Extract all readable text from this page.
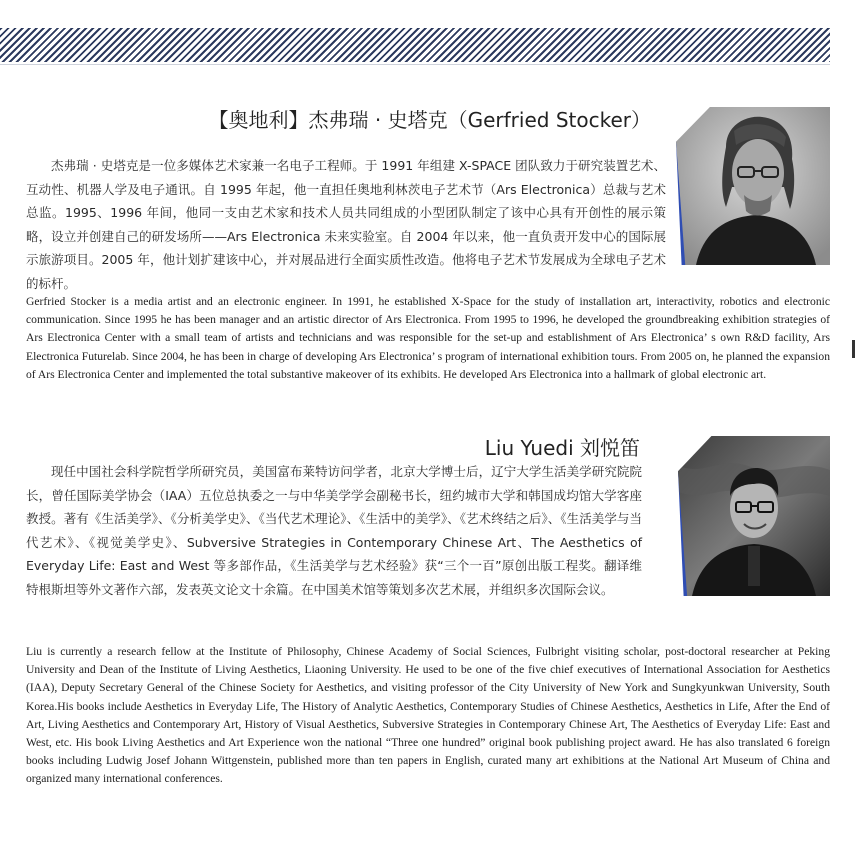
【奥地利】杰弗瑞 · 史塔克（Gerfried Stocker）

杰弗瑞 · 史塔克是一位多媒体艺术家兼一名电子工程师。于 1991 年组建 X-SPACE 团队致力于研究装置艺术、互动性、机器人学及电子通讯。自 1995 年起，他一直担任奥地利林茨电子艺术节（Ars Electronica）总裁与艺术总监。1995、1996 年间，他同一支由艺术家和技术人员共同组成的小型团队制定了该中心具有开创性的展示策略，设立并创建自己的研发场所——Ars Electronica 未来实验室。自 2004 年以来，他一直负责开发中心的国际展示旅游项目。2005 年，他计划扩建该中心，并对展品进行全面实质性改造。他将电子艺术节发展成为全球电子艺术的标杆。

Gerfried Stocker is a media artist and an electronic engineer. In 1991, he established X-Space for the study of installation art, interactivity, robotics and electronic communication. Since 1995 he has been manager and an artistic director of Ars Electronica. From 1995 to 1996, he developed the groundbreaking exhibition strategies of Ars Electronica Center with a small team of artists and technicians and was responsible for the set-up and establishment of Ars Electronica’ s own R&D facility, Ars Electronica Futurelab. Since 2004, he has been in charge of developing Ars Electronica’ s program of international exhibition tours. From 2005 on, he planned the expansion of Ars Electronica Center and implemented the total substantive makeover of its exhibits. He developed Ars Electronica into a hallmark of global electronic art.

Liu Yuedi 刘悦笛

现任中国社会科学院哲学所研究员，美国富布莱特访问学者，北京大学博士后，辽宁大学生活美学研究院院长，曾任国际美学协会（IAA）五位总执委之一与中华美学学会副秘书长，纽约城市大学和韩国成均馆大学客座教授。著有《生活美学》、《分析美学史》、《当代艺术理论》、《生活中的美学》、《艺术终结之后》、《生活美学与当代艺术》、《视觉美学史》、Subversive Strategies in Contemporary Chinese Art、The Aesthetics of Everyday Life: East and West 等多部作品，《生活美学与艺术经验》获“三个一百”原创出版工程奖。翻译维特根斯坦等外文著作六部，发表英文论文十余篇。在中国美术馆等策划多次艺术展，并组织多次国际会议。

Liu is currently a research fellow at the Institute of Philosophy, Chinese Academy of Social Sciences, Fulbright visiting scholar, post-doctoral researcher at Peking University and Dean of the Institute of Living Aesthetics, Liaoning University. He used to be one of the five chief executives of International Association for Aesthetics (IAA), Deputy Secretary General of the Chinese Society for Aesthetics, and visiting professor of the City University of New York and Sungkyunkwan University, South Korea.His books include Aesthetics in Everyday Life, The History of Analytic Aesthetics, Contemporary Studies of Chinese Aesthetics, Aesthetics in Life, After the End of Art, Living Aesthetics and Contemporary Art, History of Visual Aesthetics, Subversive Strategies in Contemporary Chinese Art, The Aesthetics of Everyday Life: East and West, etc. His book Living Aesthetics and Art Experience won the national “Three one hundred” original book publishing project award. He has also translated 6 foreign books including Ludwig Josef Johann Wittgenstein, published more than ten papers in English, curated many art exhibitions at the National Art Museum of China and organized many international conferences.
